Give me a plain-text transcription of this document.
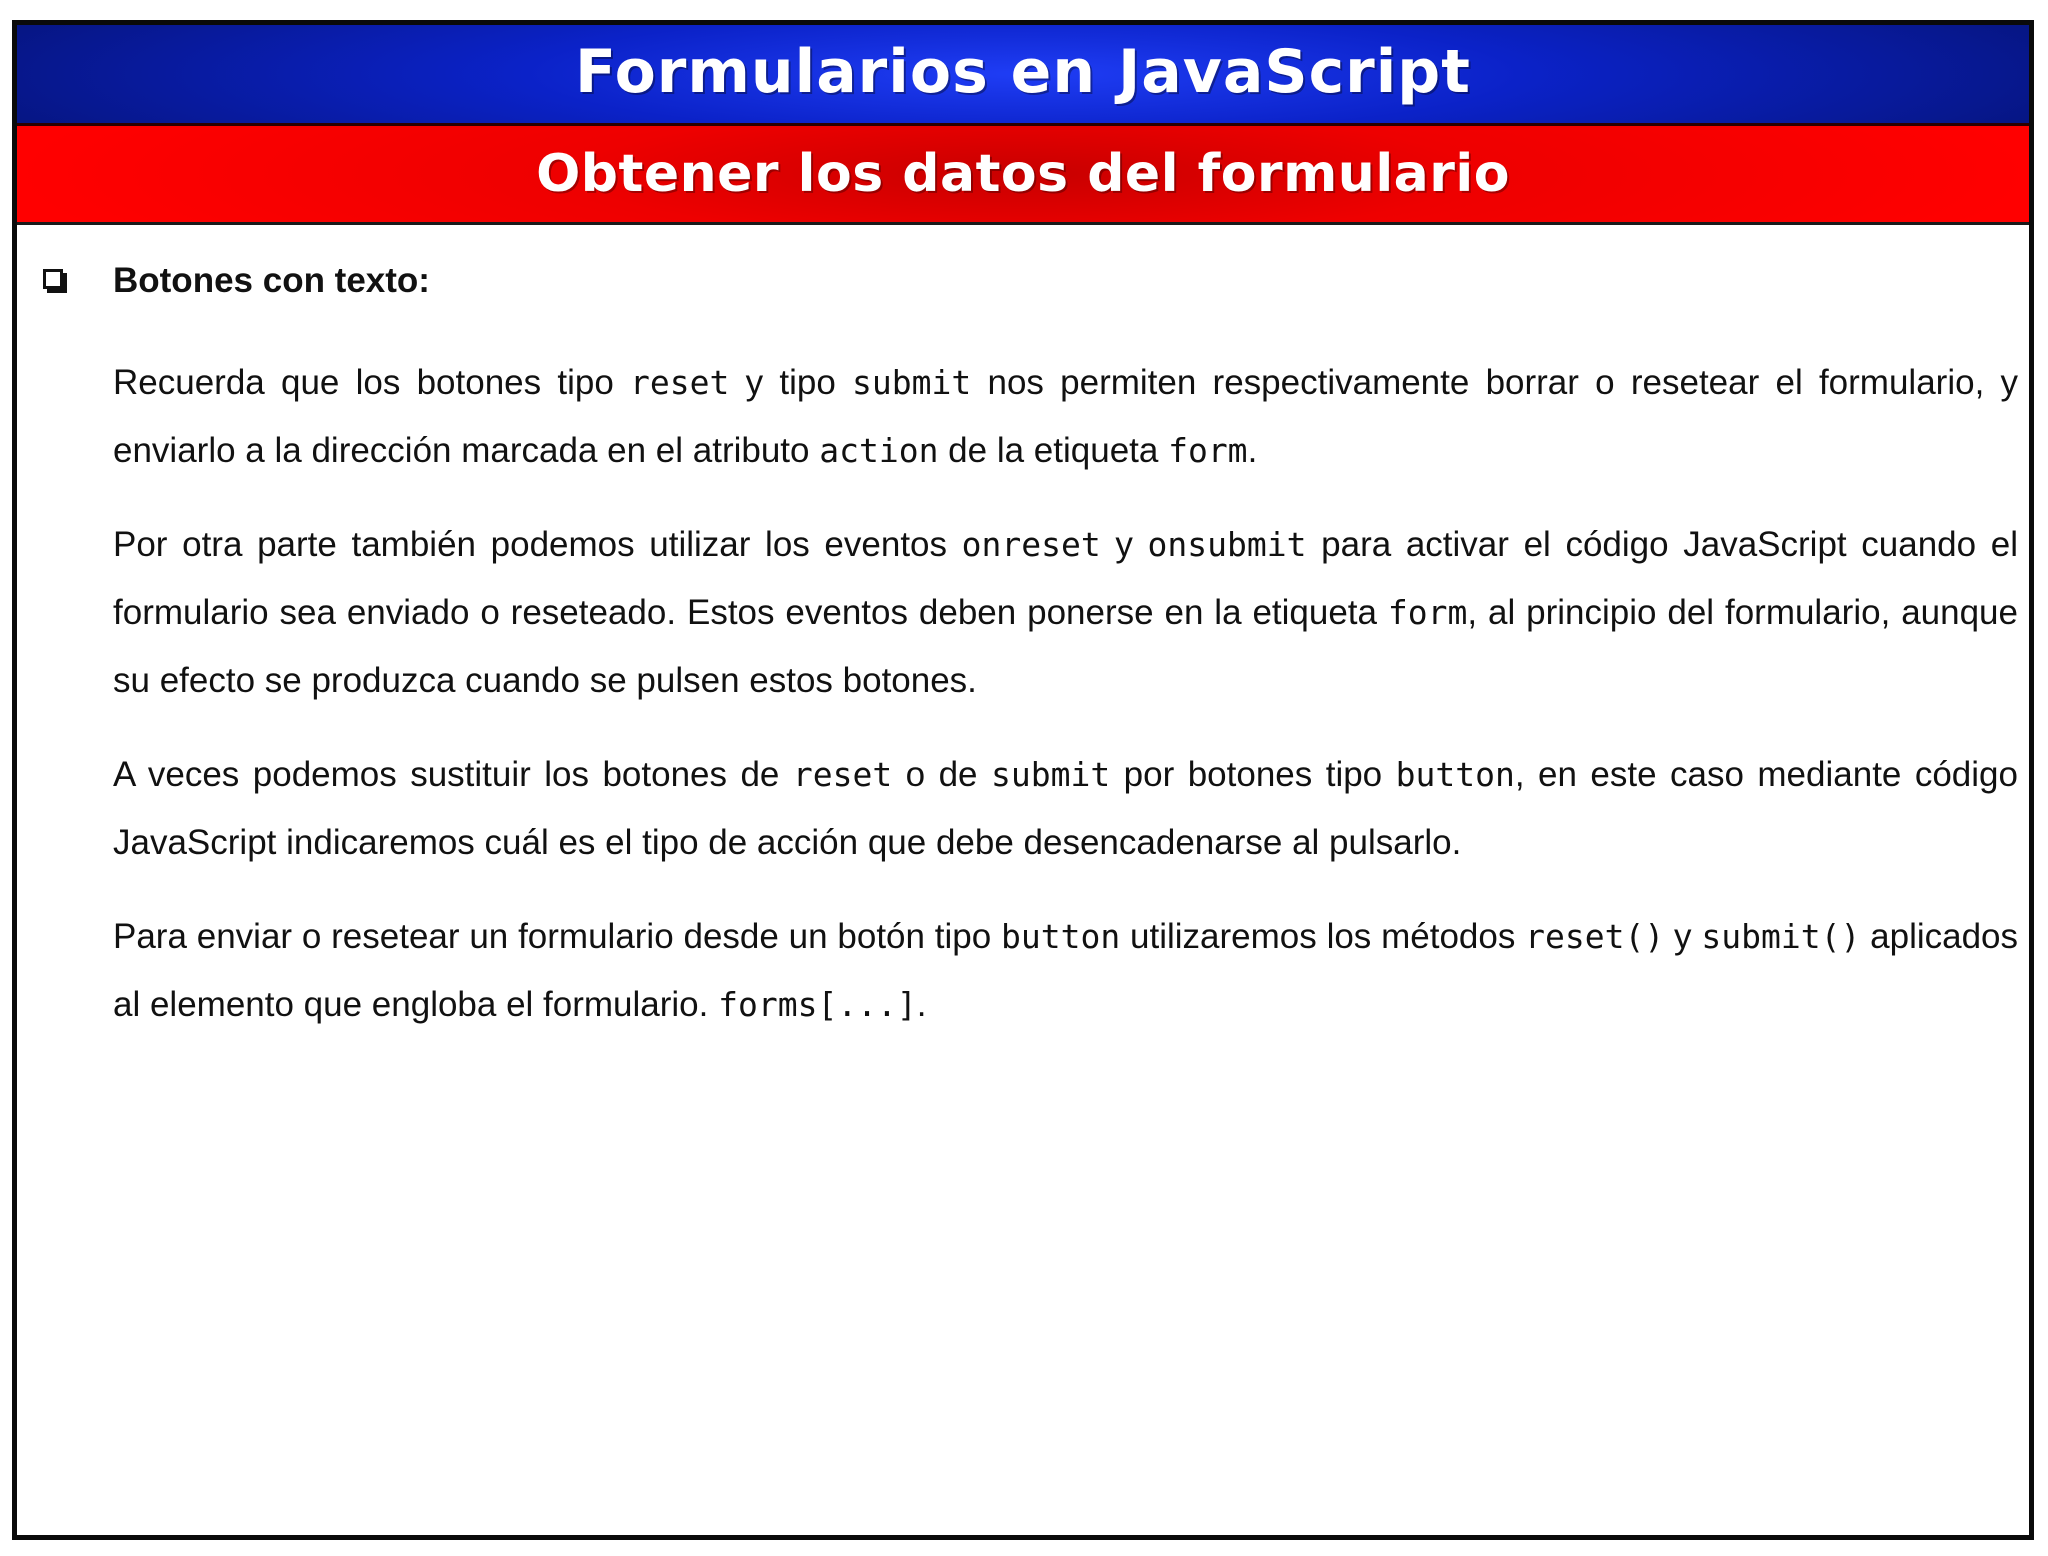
Formularios en JavaScript
Obtener los datos del formulario
Botones con texto:

Recuerda que los botones tipo reset y tipo submit nos permiten respectivamente borrar o resetear el formulario, y enviarlo a la dirección marcada en el atributo action de la etiqueta form.

Por otra parte también podemos utilizar los eventos onreset y onsubmit para activar el código JavaScript cuando el formulario sea enviado o reseteado. Estos eventos deben ponerse en la etiqueta form, al principio del formulario, aunque su efecto se produzca cuando se pulsen estos botones.

A veces podemos sustituir los botones de reset o de submit por botones tipo button, en este caso mediante código JavaScript indicaremos cuál es el tipo de acción que debe desencadenarse al pulsarlo.

Para enviar o resetear un formulario desde un botón tipo button utilizaremos los métodos reset() y submit() aplicados al elemento que engloba el formulario. forms[...].
